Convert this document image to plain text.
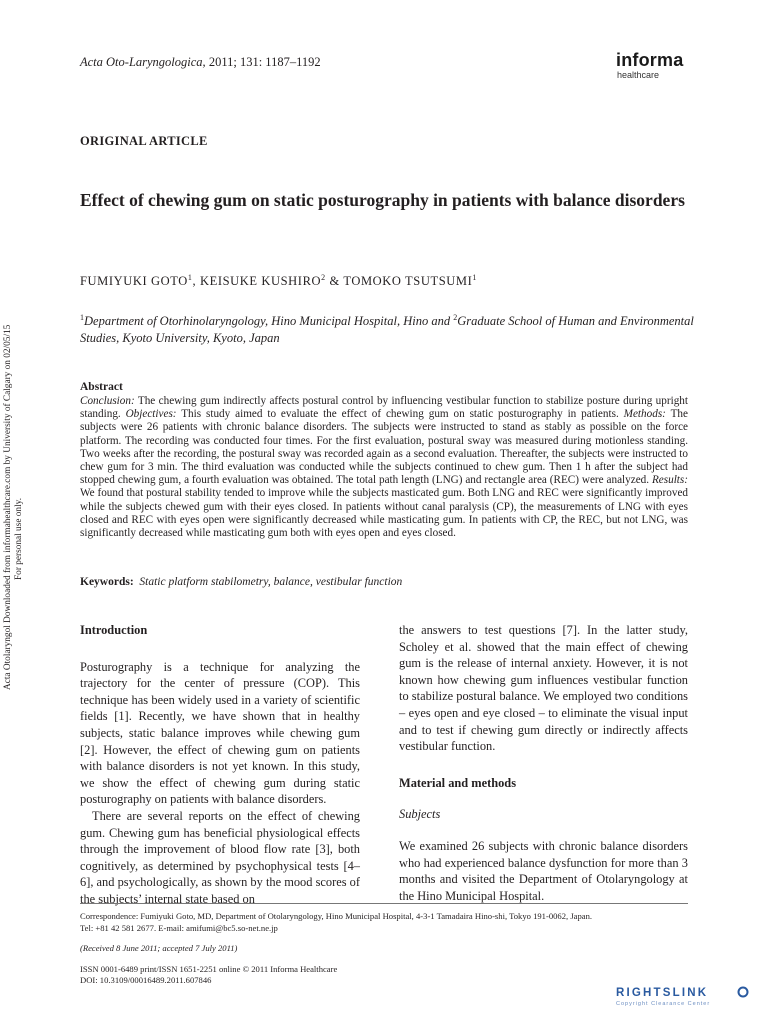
Acta Oto-Laryngologica, 2011; 131: 1187–1192	informa
healthcare
ORIGINAL ARTICLE
Effect of chewing gum on static posturography in patients with balance disorders
FUMIYUKI GOTO$^1$, KEISUKE KUSHIRO$^2$ & TOMOKO TSUTSUMI$^1$
$^1$Department of Otorhinolaryngology, Hino Municipal Hospital, Hino and $^2$Graduate School of Human and Environmental Studies, Kyoto University, Kyoto, Japan
Abstract
Conclusion: The chewing gum indirectly affects postural control by influencing vestibular function to stabilize posture during upright standing. Objectives: This study aimed to evaluate the effect of chewing gum on static posturography in patients. Methods: The subjects were 26 patients with chronic balance disorders. The subjects were instructed to stand as stably as possible on the force platform. The recording was conducted four times. For the first evaluation, postural sway was measured during motionless standing. Two weeks after the recording, the postural sway was recorded again as a second evaluation. Thereafter, the subjects were instructed to chew gum for 3 min. The third evaluation was conducted while the subjects continued to chew gum. Then 1 h after the subject had stopped chewing gum, a fourth evaluation was obtained. The total path length (LNG) and rectangle area (REC) were analyzed. Results: We found that postural stability tended to improve while the subjects masticated gum. Both LNG and REC were significantly improved while the subjects chewed gum with their eyes closed. In patients without canal paralysis (CP), the measurements of LNG with eyes closed and REC with eyes open were significantly decreased while masticating gum. In patients with CP, the REC, but not LNG, was significantly decreased while masticating gum both with eyes open and eyes closed.
Keywords: Static platform stabilometry, balance, vestibular function
Acta Otolaryngol Downloaded from informahealthcare.com by University of Calgary on 02/05/15 For personal use only.

Introduction

Posturography is a technique for analyzing the trajectory for the center of pressure (COP). This technique has been widely used in a variety of scientific fields [1]. Recently, we have shown that in healthy subjects, static balance improves while chewing gum [2]. However, the effect of chewing gum on patients with balance disorders is not yet known. In this study, we show the effect of chewing gum during static posturography on patients with balance disorders.

There are several reports on the effect of chewing gum. Chewing gum has beneficial physiological effects through the improvement of blood flow rate [3], both cognitively, as determined by psychophysical tests [4–6], and psychologically, as shown by the mood scores of the subjects’ internal state based on

the answers to test questions [7]. In the latter study, Scholey et al. showed that the main effect of chewing gum is the release of internal anxiety. However, it is not known how chewing gum influences vestibular function to stabilize postural balance. We employed two conditions – eyes open and eye closed – to eliminate the visual input and to test if chewing gum directly or indirectly affects vestibular function.

Material and methods

Subjects

We examined 26 subjects with chronic balance disorders who had experienced balance dysfunction for more than 3 months and visited the Department of Otolaryngology at the Hino Municipal Hospital.

Correspondence: Fumiyuki Goto, MD, Department of Otolaryngology, Hino Municipal Hospital, 4-3-1 Tamadaira Hino-shi, Tokyo 191-0062, Japan.
Tel: +81 42 581 2677. E-mail: amifumi@bc5.so-net.ne.jp
(Received 8 June 2011; accepted 7 July 2011)
ISSN 0001-6489 print/ISSN 1651-2251 online © 2011 Informa Healthcare
DOI: 10.3109/00016489.2011.607846
RIGHTSLINK
Copyright Clearance Center
